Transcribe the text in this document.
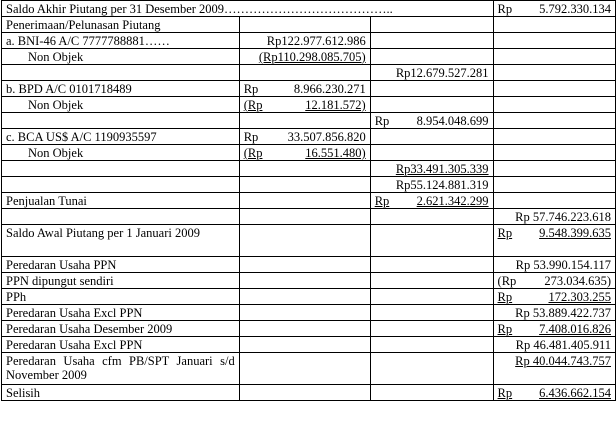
Saldo Akhir Piutang per 31 Desember 2009…………………………………..			Rp 5.792.330.134

Penerimaan/Pelunasan Piutang			
a. BNI-46 A/C 7777788881……	Rp122.977.612.986		
Non Objek	(Rp110.298.085.705)		
		Rp12.679.527.281	
b. BPD A/C 0101718489	Rp 8.966.230.271		

Non Objek	(Rp 12.181.572)		

		Rp 8.954.048.699	

c. BCA US$ A/C 1190935597	Rp 33.507.856.820		

Non Objek	(Rp 16.551.480)		

		Rp33.491.305.339	
		Rp55.124.881.319	
Penjualan Tunai		Rp 2.621.342.299	

			Rp 57.746.223.618
Saldo Awal Piutang per 1 Januari 2009			Rp 9.548.399.635

Peredaran Usaha PPN			Rp 53.990.154.117
PPN dipungut sendiri			(Rp 273.034.635)

PPh			Rp 172.303.255

Peredaran Usaha Excl PPN			Rp 53.889.422.737
Peredaran Usaha Desember 2009			Rp 7.408.016.826

Peredaran Usaha Excl PPN			Rp 46.481.405.911
Peredaran Usaha cfm PB/SPT Januari s/d November 2009			Rp 40.044.743.757
Selisih			Rp 6.436.662.154
